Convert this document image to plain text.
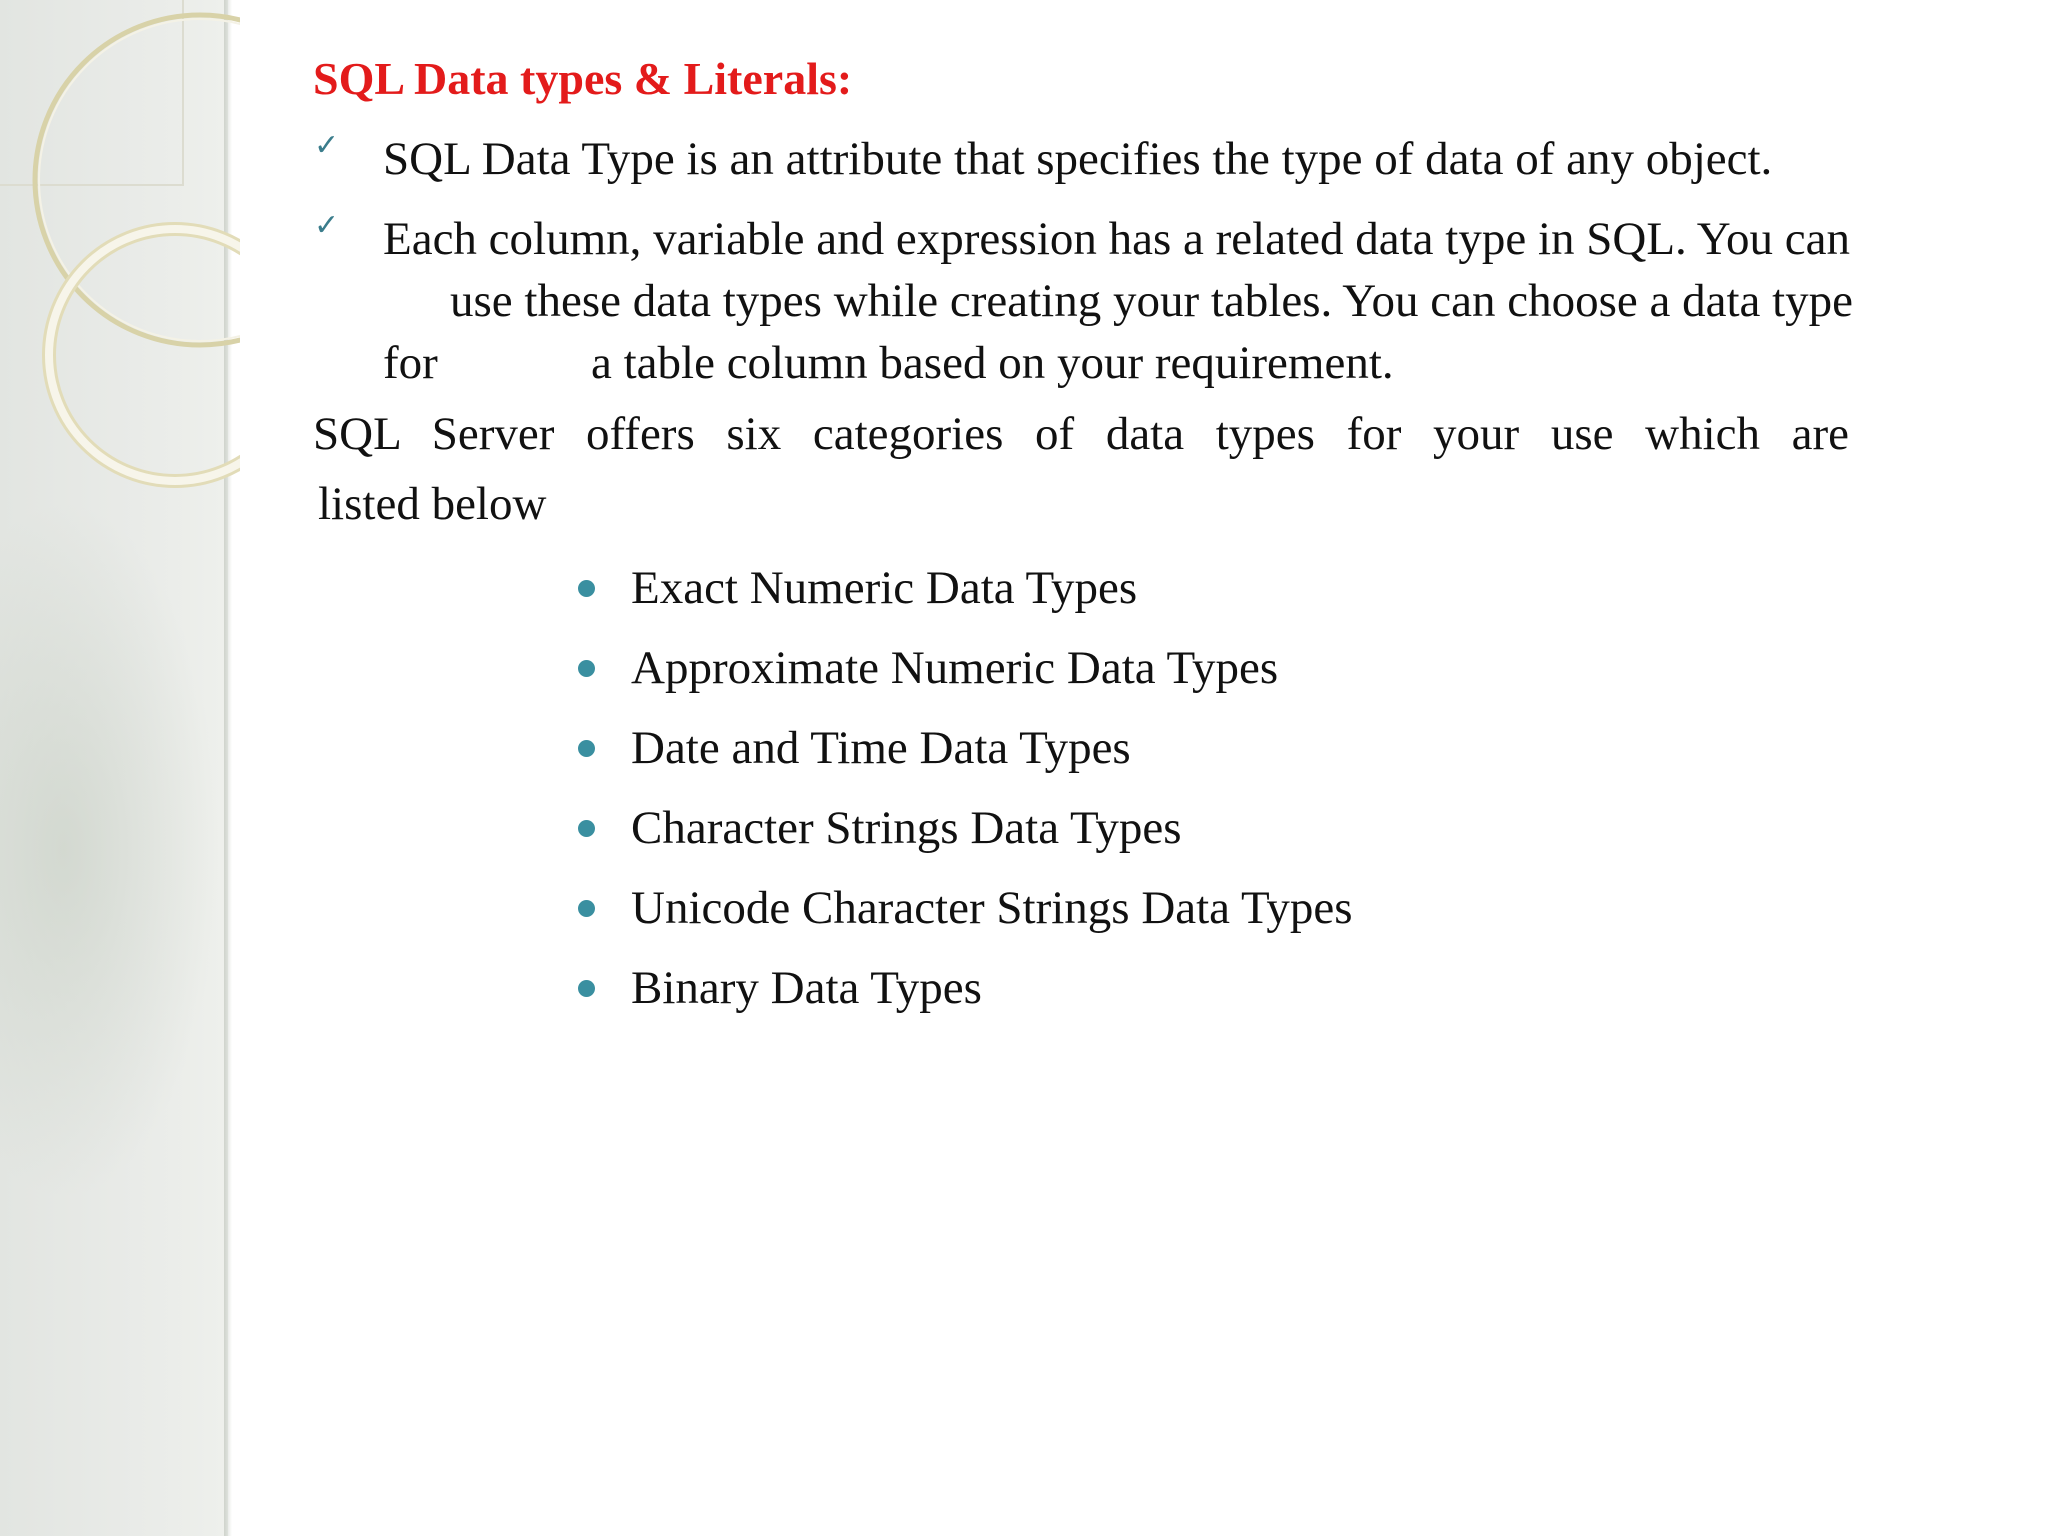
SQL Data types & Literals:
✓ SQL Data Type is an attribute that specifies the type of data of any object.
✓ Each column, variable and expression has a related data type in SQL. You can
use these data types while creating your tables. You can choose a data type
for	a table column based on your requirement.
SQL Server offers six categories of data types for your use which are
listed below
Exact Numeric Data Types
Approximate Numeric Data Types
Date and Time Data Types
Character Strings Data Types
Unicode Character Strings Data Types
Binary Data Types
